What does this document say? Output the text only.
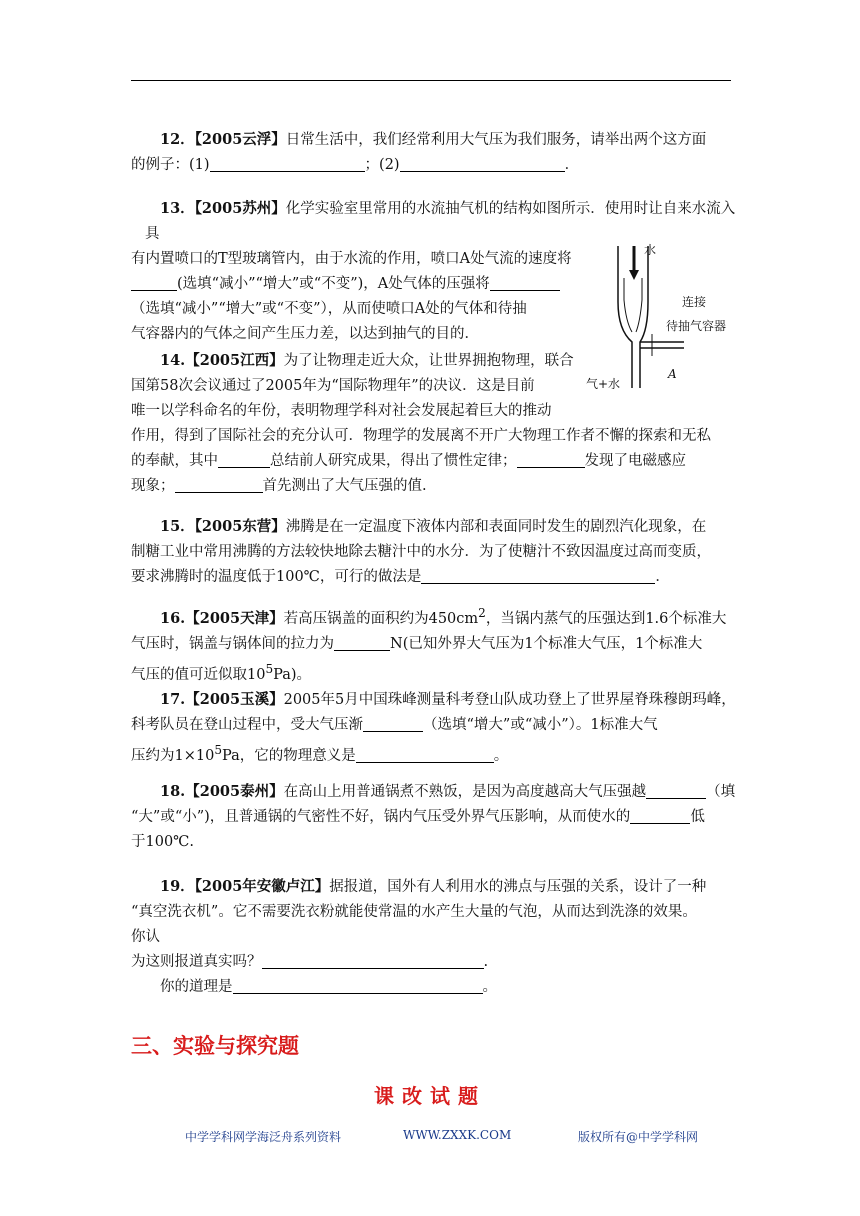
12．【2005云浮】日常生活中，我们经常利用大气压为我们服务，请举出两个这方面
的例子：(1)	；(2)	．
13．【2005苏州】化学实验室里常用的水流抽气机的结构如图所示．使用时让自来水流入
具
有内置喷口的T型玻璃管内，由于水流的作用，喷口A处气流的速度将
(选填“减小”“增大”或“不变”)，A处气体的压强将
（选填“减小”“增大”或“不变”），从而使喷口A处的气体和待抽
气容器内的气体之间产生压力差，以达到抽气的目的．
水
连接
待抽气容器
A
气+水
14.【2005江西】为了让物理走近大众，让世界拥抱物理，联合
国第58次会议通过了2005年为“国际物理年”的决议．这是目前
唯一以学科命名的年份，表明物理学科对社会发展起着巨大的推动
作用，得到了国际社会的充分认可．物理学的发展离不开广大物理工作者不懈的探索和无私
的奉献，其中	总结前人研究成果，得出了惯性定律；	发现了电磁感应
现象；	首先测出了大气压强的值.
15．【2005东营】沸腾是在一定温度下液体内部和表面同时发生的剧烈汽化现象，在
制糖工业中常用沸腾的方法较快地除去糖汁中的水分．为了使糖汁不致因温度过高而变质，
要求沸腾时的温度低于100℃，可行的做法是	．
16.【2005天津】若高压锅盖的面积约为$450cm^2$，当锅内蒸气的压强达到1.6个标准大
气压时，锅盖与锅体间的拉力为	N(已知外界大气压为1个标准大气压，1个标准大
气压的值可近似取$10^5Pa$)。
17.【2005玉溪】2005年5月中国珠峰测量科考登山队成功登上了世界屋脊珠穆朗玛峰，
科考队员在登山过程中，受大气压渐	（选填“增大”或“减小”）。1标准大气
压约为$1\times 10^5Pa$，它的物理意义是	。
18.【2005泰州】在高山上用普通锅煮不熟饭，是因为高度越高大气压强越	（填
“大”或“小”)，且普通锅的气密性不好，锅内气压受外界气压影响，从而使水的	低
于100℃.
19．【2005年安徽卢江】据报道，国外有人利用水的沸点与压强的关系，设计了一种
“真空洗衣机”。它不需要洗衣粉就能使常温的水产生大量的气泡，从而达到洗涤的效果。
你认
为这则报道真实吗？	.
你的道理是	。
三、实验与探究题
课改试题
中学学科网学海泛舟系列资料	WWW.ZXXK.COM	版权所有@中学学科网
